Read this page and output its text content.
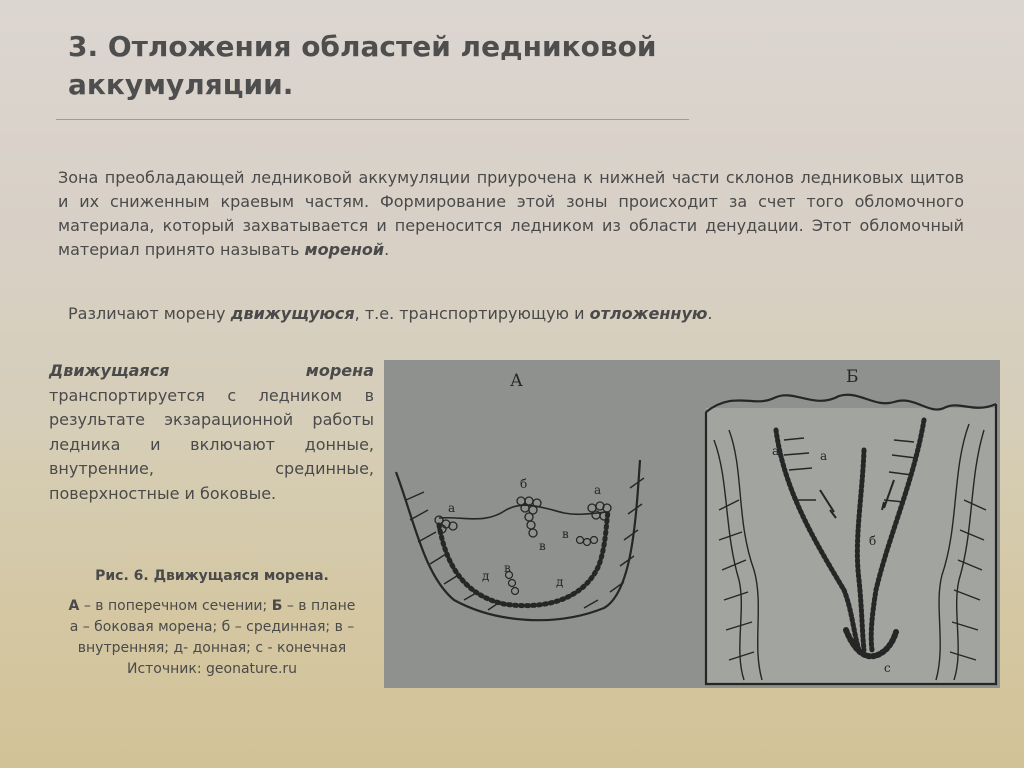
3. Отложения областей ледниковой аккумуляции.
Зона преобладающей ледниковой аккумуляции приурочена к нижней части склонов ледниковых щитов и их сниженным краевым частям. Формирование этой зоны происходит за счет того обломочного материала, который захватывается и переносится ледником из области денудации. Этот обломочный материал принято называть мореной.
Различают морену движущуюся, т.е. транспортирующую и отложенную.
Движущаяся морена транспортируется с ледником в результате экзарационной работы ледника и включают донные, внутренние, срединные, поверхностные и боковые.
Рис. 6. Движущаяся морена.
А – в поперечном сечении; Б – в плане
а – боковая морена; б – срединная; в – внутренняя; д- донная; с - конечная
Источник: geonature.ru
А
а
б	а
в
в
в
д	д
Б
а	а
б
с
